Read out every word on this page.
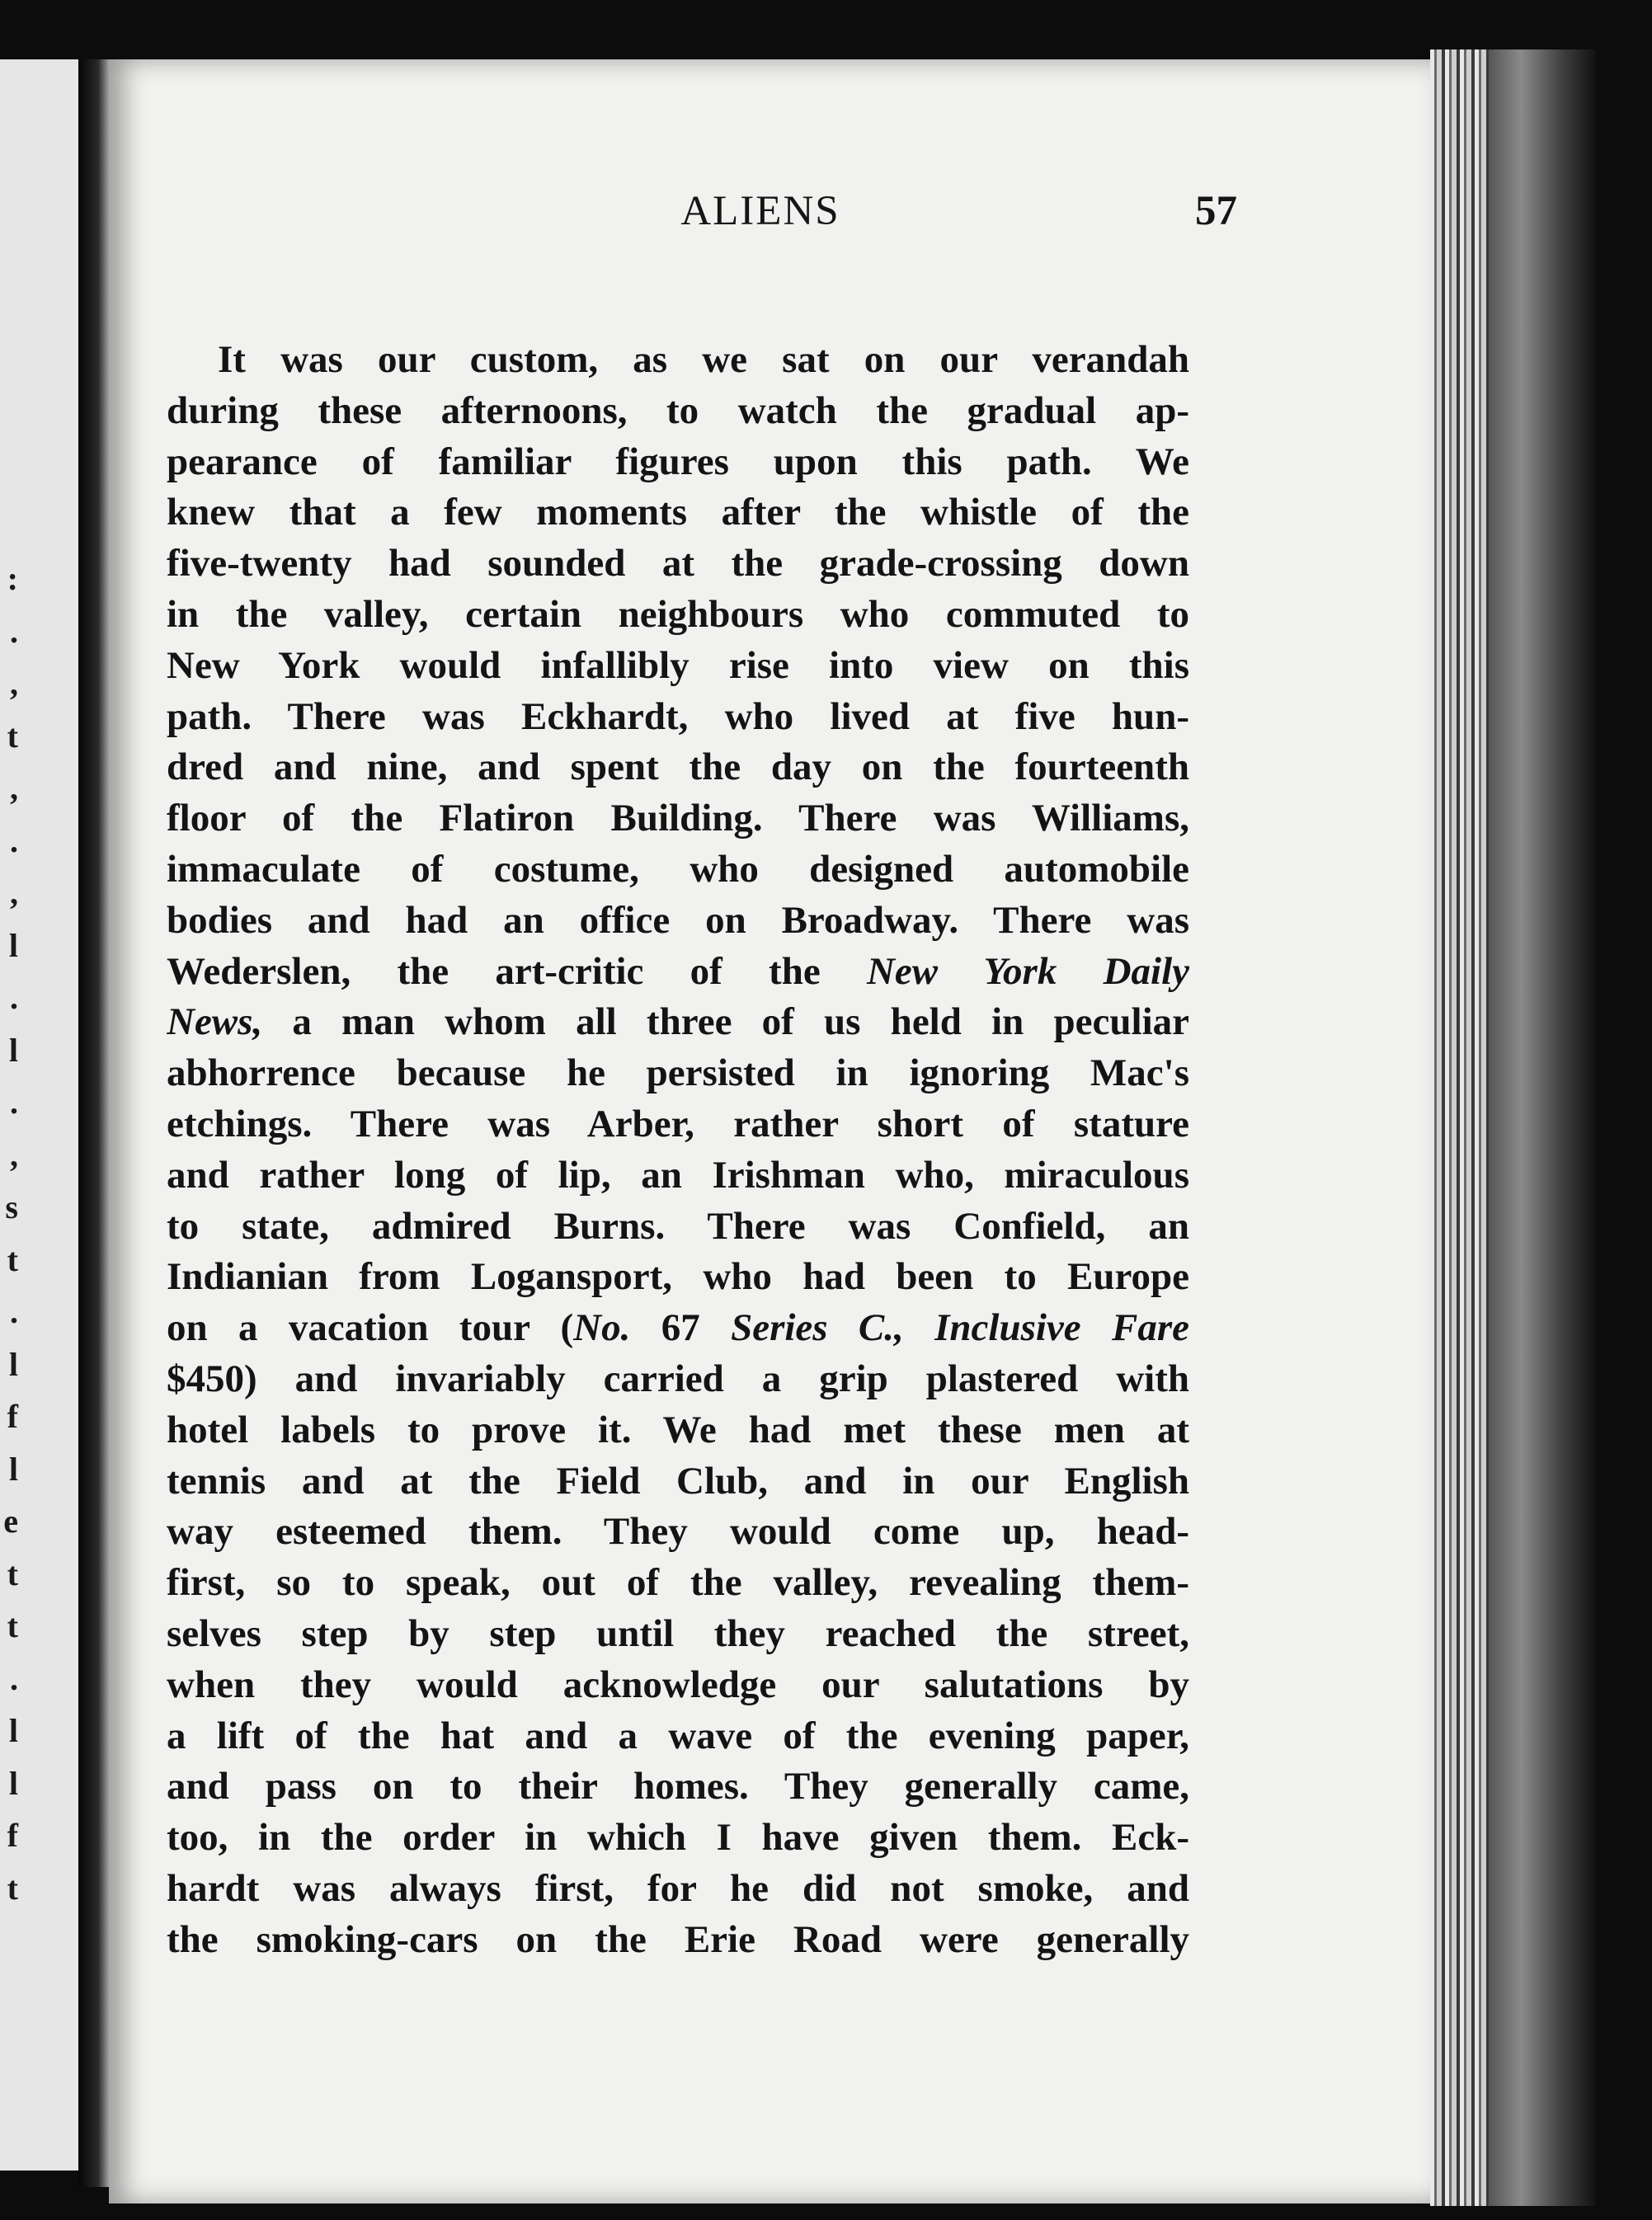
:
.
,
t
,
.
,
l
.
l
.
,
s
t
.
l
f
l
e
t
t
.
l
l
f
t
ALIENS	57
It was our custom, as we sat on our verandah
during these afternoons, to watch the gradual ap-
pearance of familiar figures upon this path. We
knew that a few moments after the whistle of the
five-twenty had sounded at the grade-crossing down
in the valley, certain neighbours who commuted to
New York would infallibly rise into view on this
path. There was Eckhardt, who lived at five hun-
dred and nine, and spent the day on the fourteenth
floor of the Flatiron Building. There was Williams,
immaculate of costume, who designed automobile
bodies and had an office on Broadway. There was
Wederslen, the art-critic of the New York Daily
News, a man whom all three of us held in peculiar
abhorrence because he persisted in ignoring Mac's
etchings. There was Arber, rather short of stature
and rather long of lip, an Irishman who, miraculous
to state, admired Burns. There was Confield, an
Indianian from Logansport, who had been to Europe
on a vacation tour (No. 67 Series C., Inclusive Fare
$450) and invariably carried a grip plastered with
hotel labels to prove it. We had met these men at
tennis and at the Field Club, and in our English
way esteemed them. They would come up, head-
first, so to speak, out of the valley, revealing them-
selves step by step until they reached the street,
when they would acknowledge our salutations by
a lift of the hat and a wave of the evening paper,
and pass on to their homes. They generally came,
too, in the order in which I have given them. Eck-
hardt was always first, for he did not smoke, and
the smoking-cars on the Erie Road were generally
